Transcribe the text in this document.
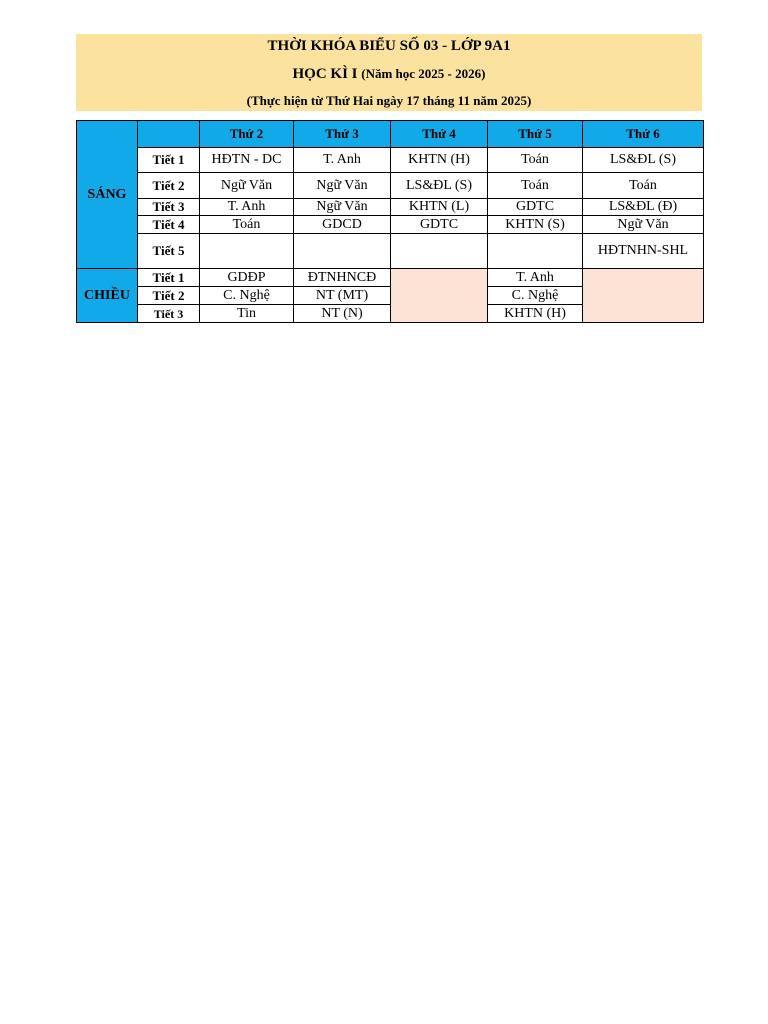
THỜI KHÓA BIỂU SỐ 03 - LỚP 9A1
HỌC KÌ I (Năm học 2025 - 2026)
(Thực hiện từ Thứ Hai ngày 17 tháng 11 năm 2025)
SÁNG		Thứ 2	Thứ 3	Thứ 4	Thứ 5	Thứ 6
	Tiết 1	HĐTN - DC	T. Anh	KHTN (H)	Toán	LS&ĐL (S)
	Tiết 2	Ngữ Văn	Ngữ Văn	LS&ĐL (S)	Toán	Toán
	Tiết 3	T. Anh	Ngữ Văn	KHTN (L)	GDTC	LS&ĐL (Đ)
	Tiết 4	Toán	GDCD	GDTC	KHTN (S)	Ngữ Văn
	Tiết 5					HĐTNHN-SHL
CHIỀU	Tiết 1	GDĐP	ĐTNHNCĐ		T. Anh	
	Tiết 2	C. Nghệ	NT (MT)		C. Nghệ	
	Tiết 3	Tin	NT (N)		KHTN (H)	
